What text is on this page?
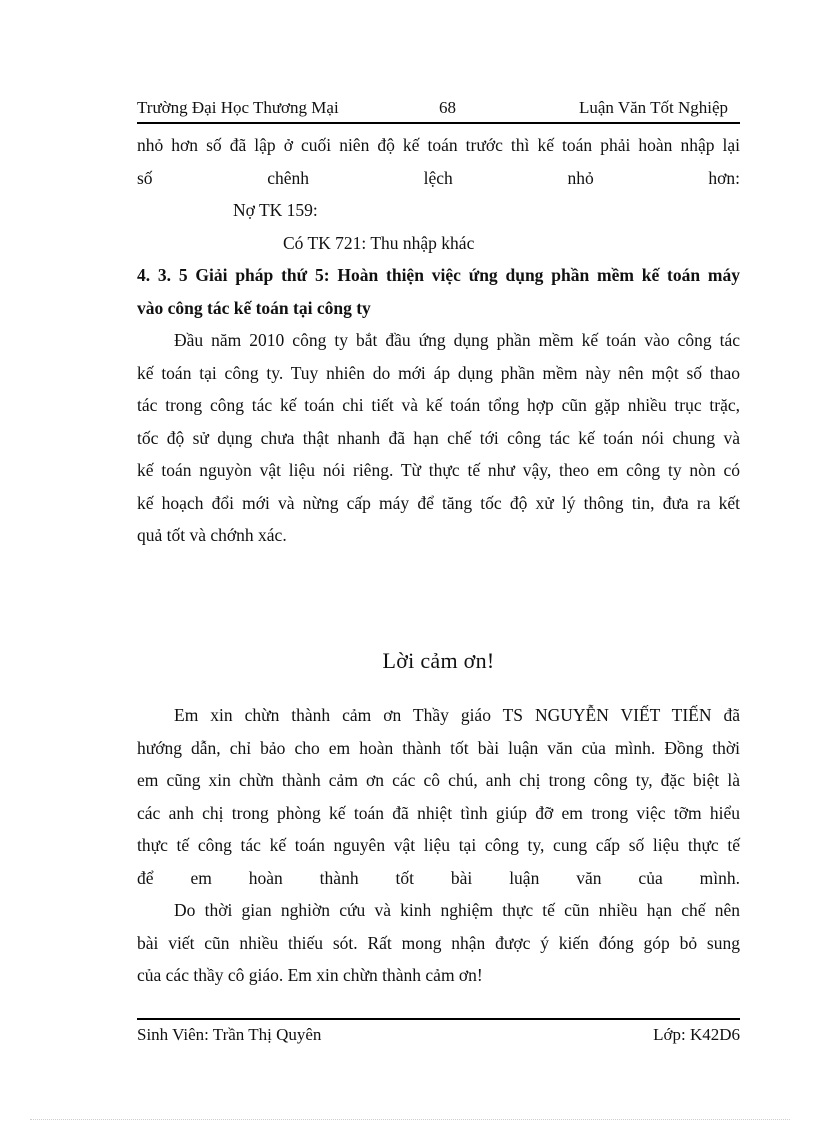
Trường Đại Học Thương Mại	68	Luận Văn Tốt Nghiệp
nhỏ hơn số đã lập ở cuối niên độ kế toán trước thì kế toán phải hoàn nhập lại
số chênh lệch nhỏ hơn:
Nợ TK 159:
Có TK 721: Thu nhập khác
4. 3. 5 Giải pháp thứ 5: Hoàn thiện việc ứng dụng phần mềm kế toán máy
vào công tác kế toán tại công ty
Đầu năm 2010 công ty bắt đầu ứng dụng phần mềm kế toán vào công tác
kế toán tại công ty. Tuy nhiên do mới áp dụng phần mềm này nên một số thao
tác trong công tác kế toán chi tiết và kế toán tổng hợp cũn gặp nhiều trục trặc,
tốc độ sử dụng chưa thật nhanh đã hạn chế tới công tác kế toán nói chung và
kế toán nguyòn vật liệu nói riêng. Từ thực tế như vậy, theo em công ty nòn có
kế hoạch đổi mới và nừng cấp máy để tăng tốc độ xử lý thông tin, đưa ra kết
quả tốt và chớnh xác.
Lời cảm ơn!
Em xin chừn thành cảm ơn Thầy giáo TS NGUYỄN VIẾT TIẾN đã
hướng dẫn, chỉ bảo cho em hoàn thành tốt bài luận văn của mình. Đồng thời
em cũng xin chừn thành cảm ơn các cô chú, anh chị trong công ty, đặc biệt là
các anh chị trong phòng kế toán đã nhiệt tình giúp đỡ em trong việc tỡm hiểu
thực tế công tác kế toán nguyên vật liệu tại công ty, cung cấp số liệu thực tế
để em hoàn thành tốt bài luận văn của mình.
Do thời gian nghiờn cứu và kinh nghiệm thực tế cũn nhiều hạn chế nên
bài viết cũn nhiều thiếu sót. Rất mong nhận được ý kiến đóng góp bỏ sung
của các thầy cô giáo. Em xin chừn thành cảm ơn!
Sinh Viên: Trần Thị Quyên	Lớp: K42D6
